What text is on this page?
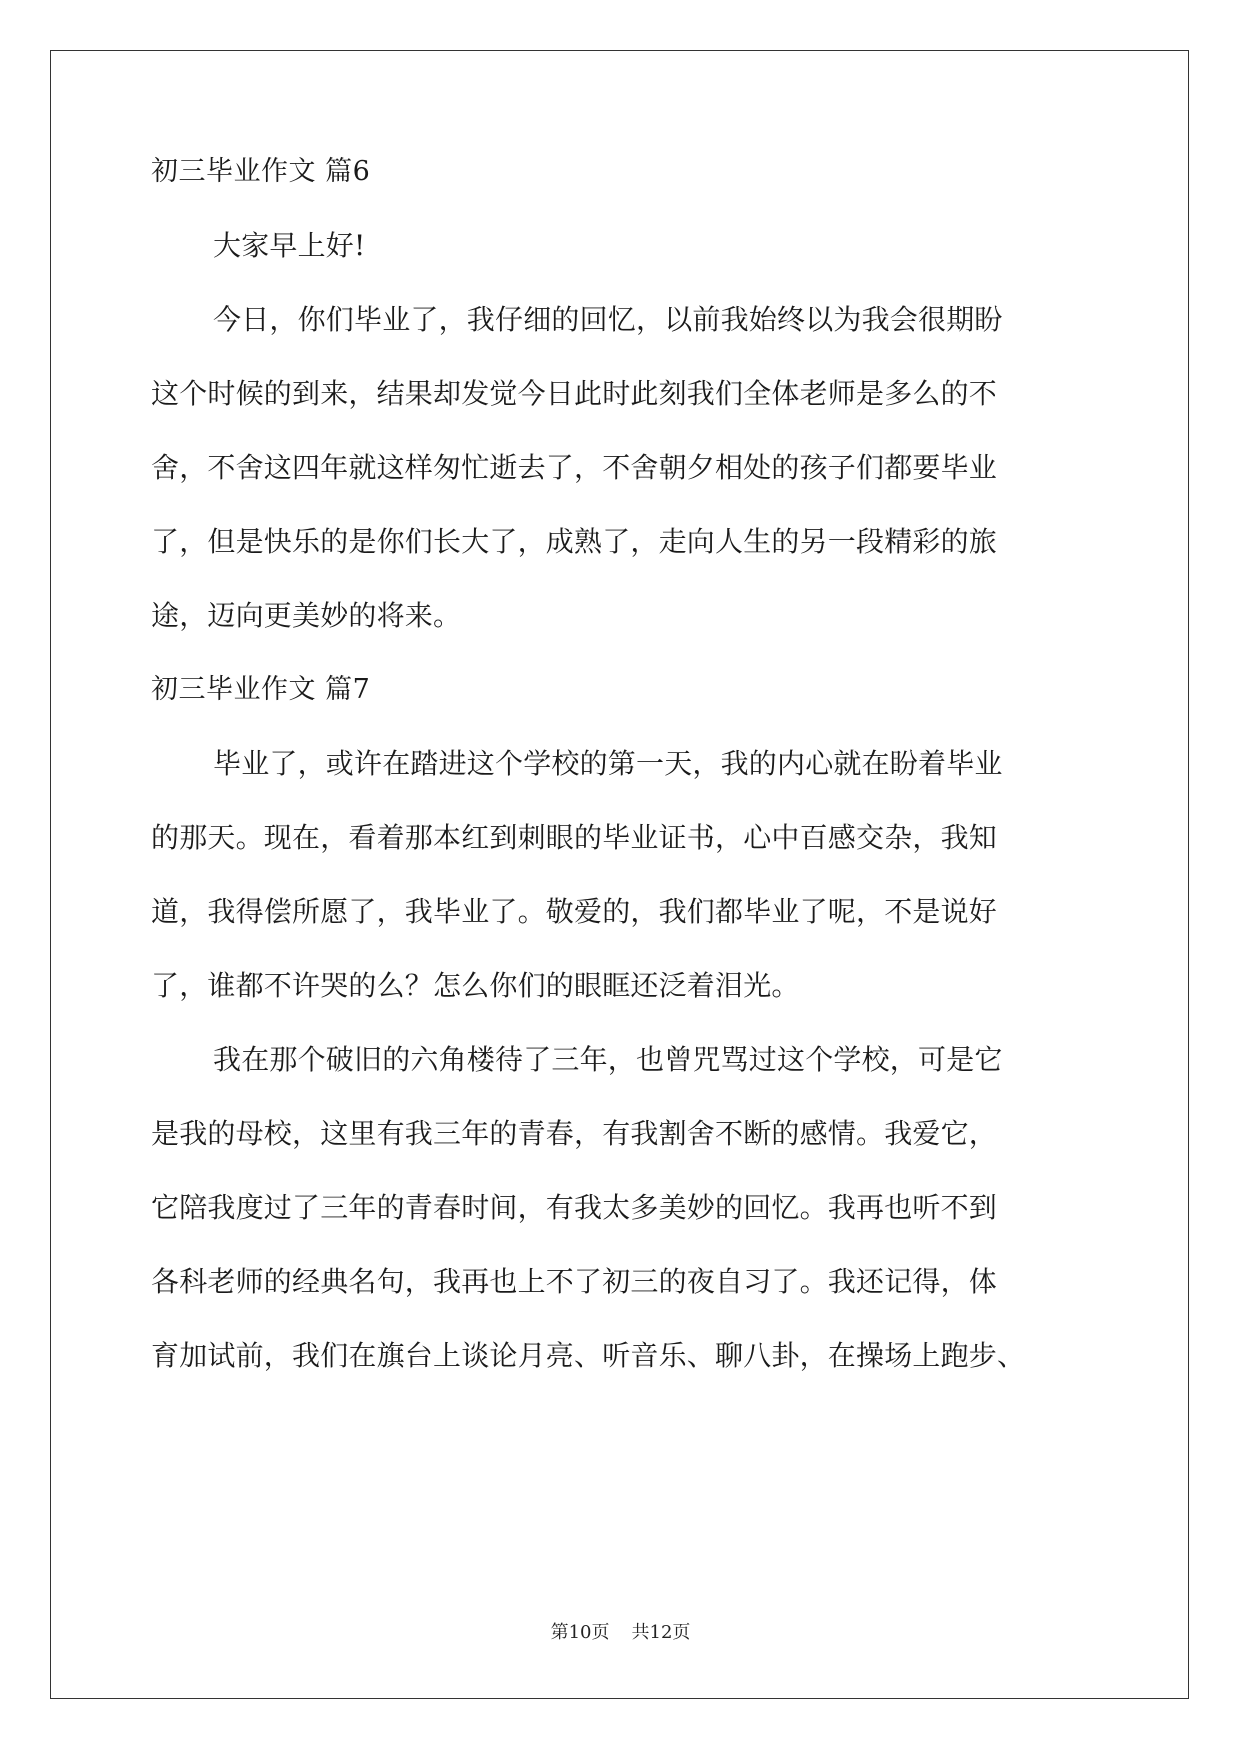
初三毕业作文 篇6
大家早上好!
今日，你们毕业了，我仔细的回忆，以前我始终以为我会很期盼
这个时候的到来，结果却发觉今日此时此刻我们全体老师是多么的不
舍，不舍这四年就这样匆忙逝去了，不舍朝夕相处的孩子们都要毕业
了，但是快乐的是你们长大了，成熟了，走向人生的另一段精彩的旅
途，迈向更美妙的将来。
初三毕业作文 篇7
毕业了，或许在踏进这个学校的第一天，我的内心就在盼着毕业
的那天。现在，看着那本红到刺眼的毕业证书，心中百感交杂，我知
道，我得偿所愿了，我毕业了。敬爱的，我们都毕业了呢，不是说好
了，谁都不许哭的么？怎么你们的眼眶还泛着泪光。
我在那个破旧的六角楼待了三年，也曾咒骂过这个学校，可是它
是我的母校，这里有我三年的青春，有我割舍不断的感情。我爱它，
它陪我度过了三年的青春时间，有我太多美妙的回忆。我再也听不到
各科老师的经典名句，我再也上不了初三的夜自习了。我还记得，体
育加试前，我们在旗台上谈论月亮、听音乐、聊八卦，在操场上跑步、
第10页 共12页
